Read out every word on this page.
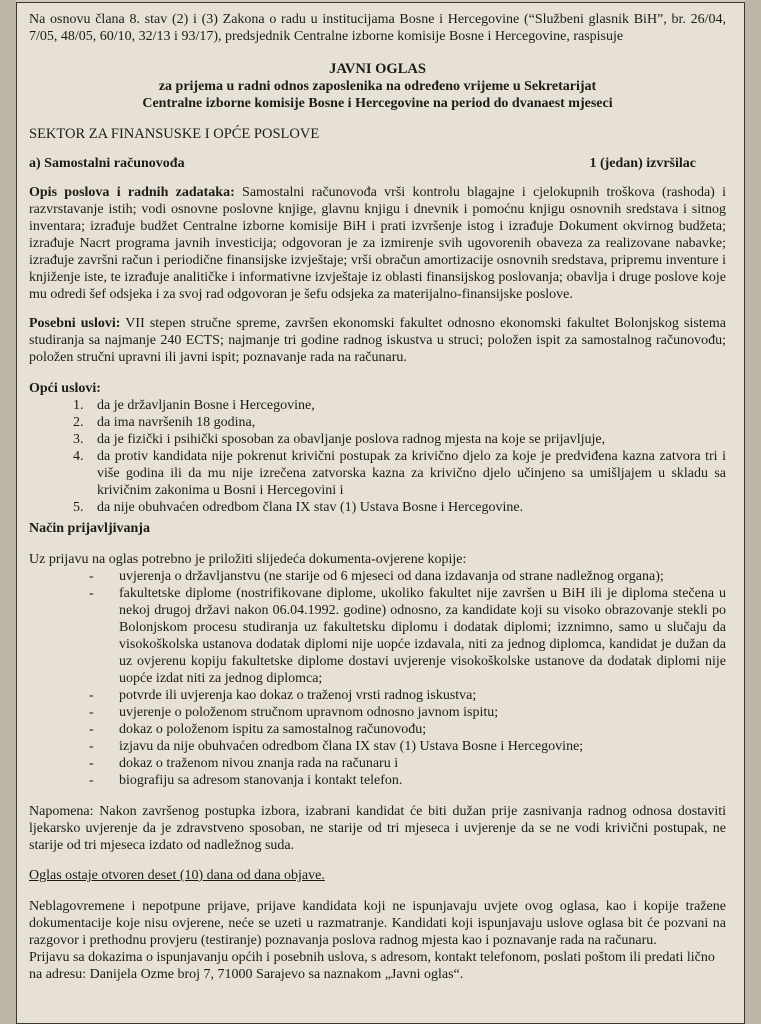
Na osnovu člana 8. stav (2) i (3) Zakona o radu u institucijama Bosne i Hercegovine (“Službeni glasnik BiH”, br. 26/04, 7/05, 48/05, 60/10, 32/13 i 93/17), predsjednik Centralne izborne komisije Bosne i Hercegovine, raspisuje

JAVNI OGLAS

za prijema u radni odnos zaposlenika na određeno vrijeme u Sekretarijat

Centralne izborne komisije Bosne i Hercegovine na period do dvanaest mjeseci

SEKTOR ZA FINANSUSKE I OPĆE POSLOVE

a) Samostalni računovođa	1 (jedan) izvršilac

Opis poslova i radnih zadataka: Samostalni računovođa vrši kontrolu blagajne i cjelokupnih troškova (rashoda) i razvrstavanje istih; vodi osnovne poslovne knjige, glavnu knjigu i dnevnik i pomoćnu knjigu osnovnih sredstava i sitnog inventara; izrađuje budžet Centralne izborne komisije BiH i prati izvršenje istog i izrađuje Dokument okvirnog budžeta; izrađuje Nacrt programa javnih investicija; odgovoran je za izmirenje svih ugovorenih obaveza za realizovane nabavke; izrađuje završni račun i periodične finansijske izvještaje; vrši obračun amortizacije osnovnih sredstava, pripremu inventure i knjiženje iste, te izrađuje analitičke i informativne izvještaje iz oblasti finansijskog poslovanja; obavlja i druge poslove koje mu odredi šef odsjeka i za svoj rad odgovoran je šefu odsjeka za materijalno-finansijske poslove.

Posebni uslovi: VII stepen stručne spreme, završen ekonomski fakultet odnosno ekonomski fakultet Bolonjskog sistema studiranja sa najmanje 240 ECTS; najmanje tri godine radnog iskustva u struci; položen ispit za samostalnog računovođu; položen stručni upravni ili javni ispit; poznavanje rada na računaru.

Opći uslovi:

1. da je državljanin Bosne i Hercegovine,
2. da ima navršenih 18 godina,
3. da je fizički i psihički sposoban za obavljanje poslova radnog mjesta na koje se prijavljuje,
4. da protiv kandidata nije pokrenut krivični postupak za krivično djelo za koje je predviđena kazna zatvora tri i više godina ili da mu nije izrečena zatvorska kazna za krivično djelo učinjeno sa umišljajem u skladu sa krivičnim zakonima u Bosni i Hercegovini i
5. da nije obuhvaćen odredbom člana IX stav (1) Ustava Bosne i Hercegovine.

Način prijavljivanja

Uz prijavu na oglas potrebno je priložiti slijedeća dokumenta-ovjerene kopije:

- uvjerenja o državljanstvu (ne starije od 6 mjeseci od dana izdavanja od strane nadležnog organa);
- fakultetske diplome (nostrifikovane diplome, ukoliko fakultet nije završen u BiH ili je diploma stečena u nekoj drugoj državi nakon 06.04.1992. godine) odnosno, za kandidate koji su visoko obrazovanje stekli po Bolonjskom procesu studiranja uz fakultetsku diplomu i dodatak diplomi; izznimno, samo u slučaju da visokoškolska ustanova dodatak diplomi nije uopće izdavala, niti za jednog diplomca, kandidat je dužan da uz ovjerenu kopiju fakultetske diplome dostavi uvjerenje visokoškolske ustanove da dodatak diplomi nije uopće izdat niti za jednog diplomca;
- potvrde ili uvjerenja kao dokaz o traženoj vrsti radnog iskustva;
- uvjerenje o položenom stručnom upravnom odnosno javnom ispitu;
- dokaz o položenom ispitu za samostalnog računovođu;
- izjavu da nije obuhvaćen odredbom člana IX stav (1) Ustava Bosne i Hercegovine;
- dokaz o traženom nivou znanja rada na računaru i
- biografiju sa adresom stanovanja i kontakt telefon.

Napomena: Nakon završenog postupka izbora, izabrani kandidat će biti dužan prije zasnivanja radnog odnosa dostaviti ljekarsko uvjerenje da je zdravstveno sposoban, ne starije od tri mjeseca i uvjerenje da se ne vodi krivični postupak, ne starije od tri mjeseca izdato od nadležnog suda.

Oglas ostaje otvoren deset (10) dana od dana objave.

Neblagovremene i nepotpune prijave, prijave kandidata koji ne ispunjavaju uvjete ovog oglasa, kao i kopije tražene dokumentacije koje nisu ovjerene, neće se uzeti u razmatranje. Kandidati koji ispunjavaju uslove oglasa bit će pozvani na razgovor i prethodnu provjeru (testiranje) poznavanja poslova radnog mjesta kao i poznavanje rada na računaru.

Prijavu sa dokazima o ispunjavanju općih i posebnih uslova, s adresom, kontakt telefonom, poslati poštom ili predati lično na adresu: Danijela Ozme broj 7, 71000 Sarajevo sa naznakom „Javni oglas“.
